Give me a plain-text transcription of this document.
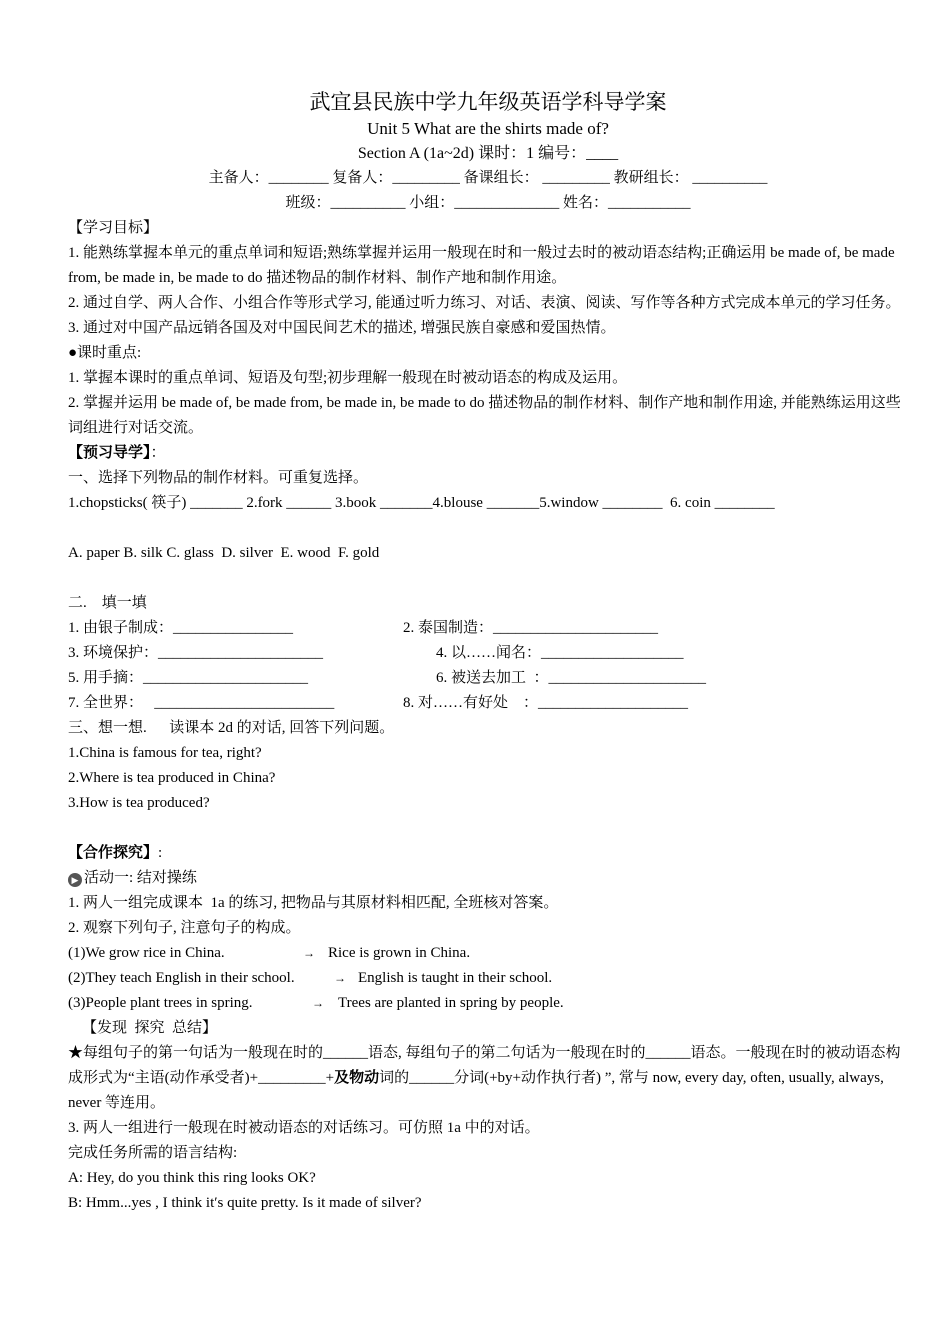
武宜县民族中学九年级英语学科导学案
Unit 5 What are the shirts made of?
Section A (1a~2d) 课时：1 编号：____
主备人：________ 复备人：_________ 备课组长： _________ 教研组长： __________
班级：__________ 小组：______________ 姓名：___________

【学习目标】

1. 能熟练掌握本单元的重点单词和短语;熟练掌握并运用一般现在时和一般过去时的被动语态结构;正确运用 be made of, be made from, be made in, be made to do 描述物品的制作材料、制作产地和制作用途。

2. 通过自学、两人合作、小组合作等形式学习, 能通过听力练习、对话、表演、阅读、写作等各种方式完成本单元的学习任务。

3. 通过对中国产品远销各国及对中国民间艺术的描述, 增强民族自豪感和爱国热情。

●课时重点:

1. 掌握本课时的重点单词、短语及句型;初步理解一般现在时被动语态的构成及运用。

2. 掌握并运用 be made of, be made from, be made in, be made to do 描述物品的制作材料、制作产地和制作用途, 并能熟练运用这些词组进行对话交流。

【预习导学】：

一、选择下列物品的制作材料。可重复选择。

1.chopsticks( 筷子) _______ 2.fork ______ 3.book _______4.blouse _______5.window ________  6. coin ________

A. paper B. silk C. glass  D. silver  E. wood  F. gold

二.    填一填

1. 由银子制成：________________	2. 泰国制造：______________________
3. 环境保护：______________________	4. 以……闻名：___________________
5. 用手摘：______________________	6. 被送去加工  ：_____________________
7. 全世界：   ________________________	8. 对……有好处    ：____________________

三、想一想.      读课本 2d 的对话, 回答下列问题。

1.China is famous for tea, right?

2.Where is tea produced in China?

3.How is tea produced?

【合作探究】:

▶ 活动一: 结对操练

1. 两人一组完成课本  1a 的练习, 把物品与其原材料相匹配, 全班核对答案。

2. 观察下列句子, 注意句子的构成。

(1)We grow rice in China.	→ Rice is grown in China.
(2)They teach English in their school.	→ English is taught in their school.
(3)People plant trees in spring.	→ Trees are planted in spring by people.

【发现  探究  总结】

★每组句子的第一句话为一般现在时的______语态, 每组句子的第二句话为一般现在时的______语态。一般现在时的被动语态构成形式为“主语(动作承受者)+_________+及物动词的______分词(+by+动作执行者) ”, 常与 now, every day, often, usually, always, never 等连用。

3. 两人一组进行一般现在时被动语态的对话练习。可仿照 1a 中的对话。

完成任务所需的语言结构:

A: Hey, do you think this ring looks OK?

B: Hmm...yes , I think it′s quite pretty. Is it made of silver?
